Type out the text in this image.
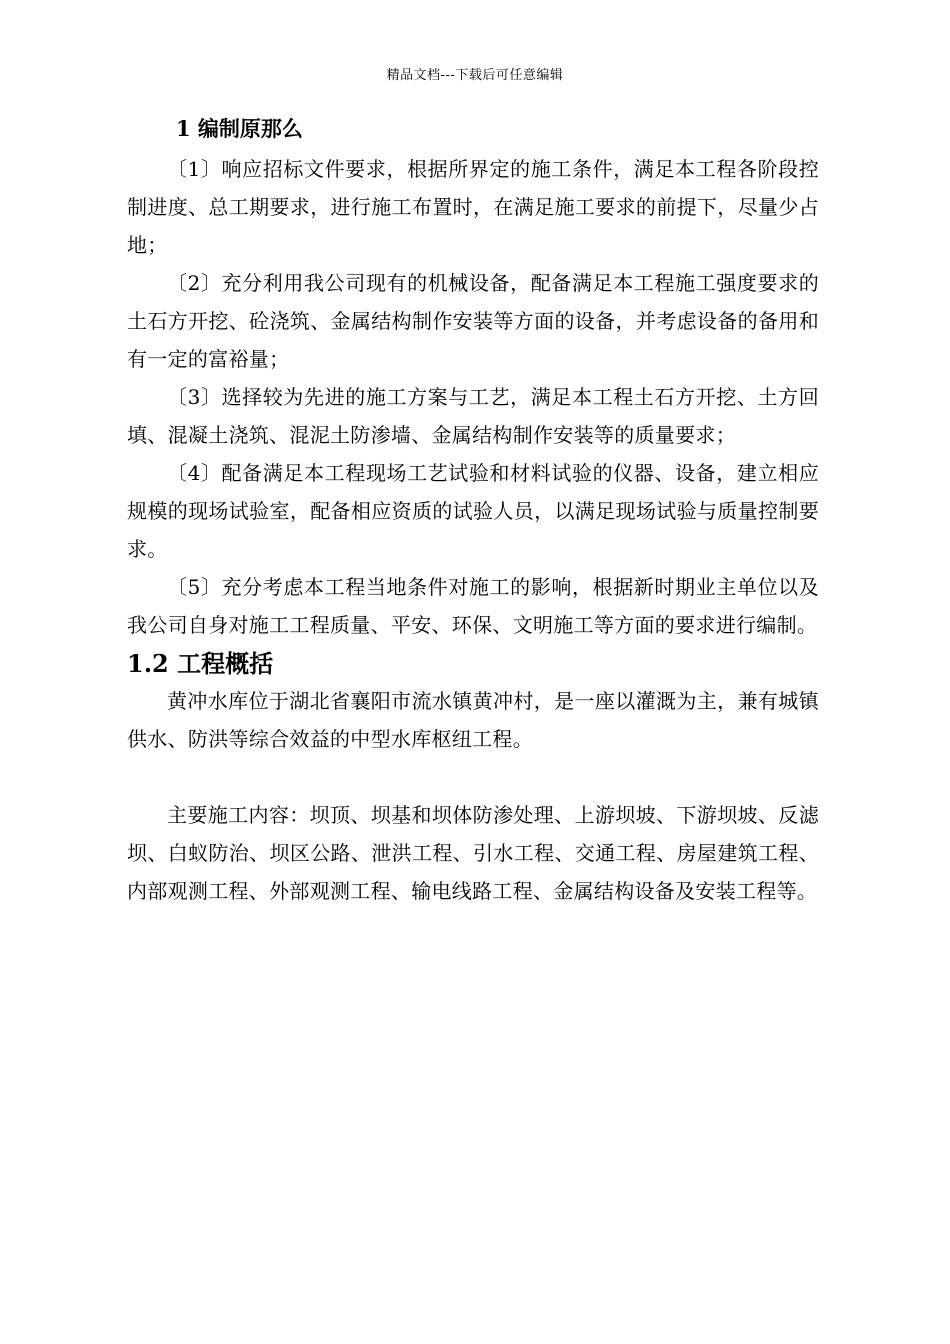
精品文档---下载后可任意编辑
1 编制原那么

〔1〕响应招标文件要求，根据所界定的施工条件，满足本工程各阶段控制进度、总工期要求，进行施工布置时，在满足施工要求的前提下，尽量少占地；

〔2〕充分利用我公司现有的机械设备，配备满足本工程施工强度要求的土石方开挖、砼浇筑、金属结构制作安装等方面的设备，并考虑设备的备用和有一定的富裕量；

〔3〕选择较为先进的施工方案与工艺，满足本工程土石方开挖、土方回填、混凝土浇筑、混泥土防渗墙、金属结构制作安装等的质量要求；

〔4〕配备满足本工程现场工艺试验和材料试验的仪器、设备，建立相应规模的现场试验室，配备相应资质的试验人员，以满足现场试验与质量控制要求。

〔5〕充分考虑本工程当地条件对施工的影响，根据新时期业主单位以及我公司自身对施工工程质量、平安、环保、文明施工等方面的要求进行编制。

1.2 工程概括

黄冲水库位于湖北省襄阳市流水镇黄冲村，是一座以灌溉为主，兼有城镇供水、防洪等综合效益的中型水库枢纽工程。

主要施工内容：坝顶、坝基和坝体防渗处理、上游坝坡、下游坝坡、反滤坝、白蚁防治、坝区公路、泄洪工程、引水工程、交通工程、房屋建筑工程、内部观测工程、外部观测工程、输电线路工程、金属结构设备及安装工程等。
